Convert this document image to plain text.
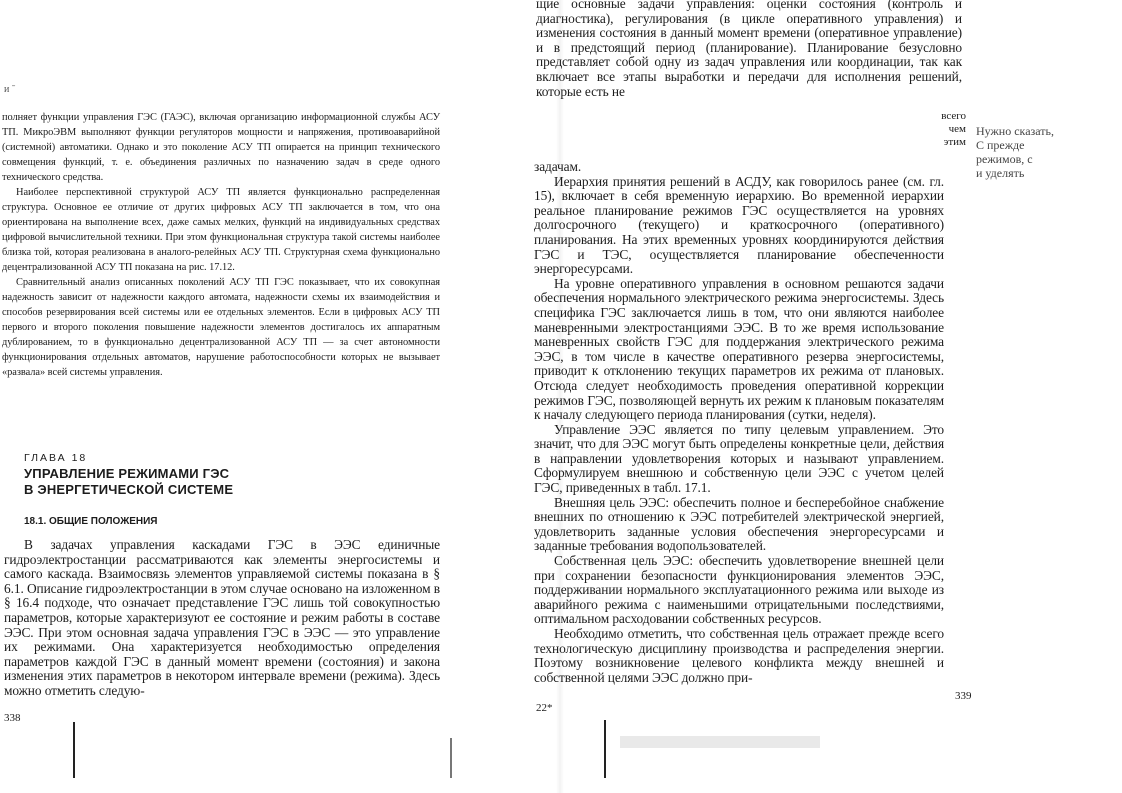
и ˉ

полняет функции управления ГЭС (ГАЭС), включая организацию информационной службы АСУ ТП. МикроЭВМ выполняют функции регуляторов мощности и напряжения, противоаварийной (системной) автоматики. Однако и это поколение АСУ ТП опирается на принцип технического совмещения функций, т. е. объединения различных по назначению задач в среде одного технического средства.

Наиболее перспективной структурой АСУ ТП является функционально распределенная структура. Основное ее отличие от других цифровых АСУ ТП заключается в том, что она ориентирована на выполнение всех, даже самых мелких, функций на индивидуальных средствах цифровой вычислительной техники. При этом функциональная структура такой системы наиболее близка той, которая реализована в аналого-релейных АСУ ТП. Структурная схема функционально децентрализованной АСУ ТП показана на рис. 17.12.

Сравнительный анализ описанных поколений АСУ ТП ГЭС показывает, что их совокупная надежность зависит от надежности каждого автомата, надежности схемы их взаимодействия и способов резервирования всей системы или ее отдельных элементов. Если в цифровых АСУ ТП первого и второго поколения повышение надежности элементов достигалось их аппаратным дублированием, то в функционально децентрализованной АСУ ТП — за счет автономности функционирования отдельных автоматов, нарушение работоспособности которых не вызывает «развала» всей системы управления.

ГЛАВА 18
УПРАВЛЕНИЕ РЕЖИМАМИ ГЭС
В ЭНЕРГЕТИЧЕСКОЙ СИСТЕМЕ
18.1. ОБЩИЕ ПОЛОЖЕНИЯ

В задачах управления каскадами ГЭС в ЭЭС единичные гидроэлектростанции рассматриваются как элементы энергосистемы и самого каскада. Взаимосвязь элементов управляемой системы показана в § 6.1. Описание гидроэлектростанции в этом случае основано на изложенном в § 16.4 подходе, что означает представление ГЭС лишь той совокупностью параметров, которые характеризуют ее состояние и режим работы в составе ЭЭС. При этом основная задача управления ГЭС в ЭЭС — это управление их режимами. Она характеризуется необходимостью определения параметров каждой ГЭС в данный момент времени (состояния) и закона изменения этих параметров в некотором интервале времени (режима). Здесь можно отметить следую-

338

щие основные задачи управления: оценки состояния (контроль и диагностика), регулирования (в цикле оперативного управления) и изменения состояния в данный момент времени (оперативное управление) и в предстоящий период (планирование). Планирование безусловно представляет собой одну из задач управления или координации, так как включает все этапы выработки и передачи для исполнения решений, которые есть не

всего
чем
этим
Нужно сказать,
С прежде
режимов, с
и уделять

задачам.

Иерархия принятия решений в АСДУ, как говорилось ранее (см. гл. 15), включает в себя временную иерархию. Во временной иерархии реальное планирование режимов ГЭС осуществляется на уровнях долгосрочного (текущего) и краткосрочного (оперативного) планирования. На этих временных уровнях координируются действия ГЭС и ТЭС, осуществляется планирование обеспеченности энергоресурсами.

На уровне оперативного управления в основном решаются задачи обеспечения нормального электрического режима энергосистемы. Здесь специфика ГЭС заключается лишь в том, что они являются наиболее маневренными электростанциями ЭЭС. В то же время использование маневренных свойств ГЭС для поддержания электрического режима ЭЭС, в том числе в качестве оперативного резерва энергосистемы, приводит к отклонению текущих параметров их режима от плановых. Отсюда следует необходимость проведения оперативной коррекции режимов ГЭС, позволяющей вернуть их режим к плановым показателям к началу следующего периода планирования (сутки, неделя).

Управление ЭЭС является по типу целевым управлением. Это значит, что для ЭЭС могут быть определены конкретные цели, действия в направлении удовлетворения которых и называют управлением. Сформулируем внешнюю и собственную цели ЭЭС с учетом целей ГЭС, приведенных в табл. 17.1.

Внешняя цель ЭЭС: обеспечить полное и бесперебойное снабжение внешних по отношению к ЭЭС потребителей электрической энергией, удовлетворить заданные условия обеспечения энергоресурсами и заданные требования водопользователей.

Собственная цель ЭЭС: обеспечить удовлетворение внешней цели при сохранении безопасности функционирования элементов ЭЭС, поддерживании нормального эксплуатационного режима или выходе из аварийного режима с наименьшими отрицательными последствиями, оптимальном расходовании собственных ресурсов.

Необходимо отметить, что собственная цель отражает прежде всего технологическую дисциплину производства и распределения энергии. Поэтому возникновение целевого конфликта между внешней и собственной целями ЭЭС должно при-

22*
339
